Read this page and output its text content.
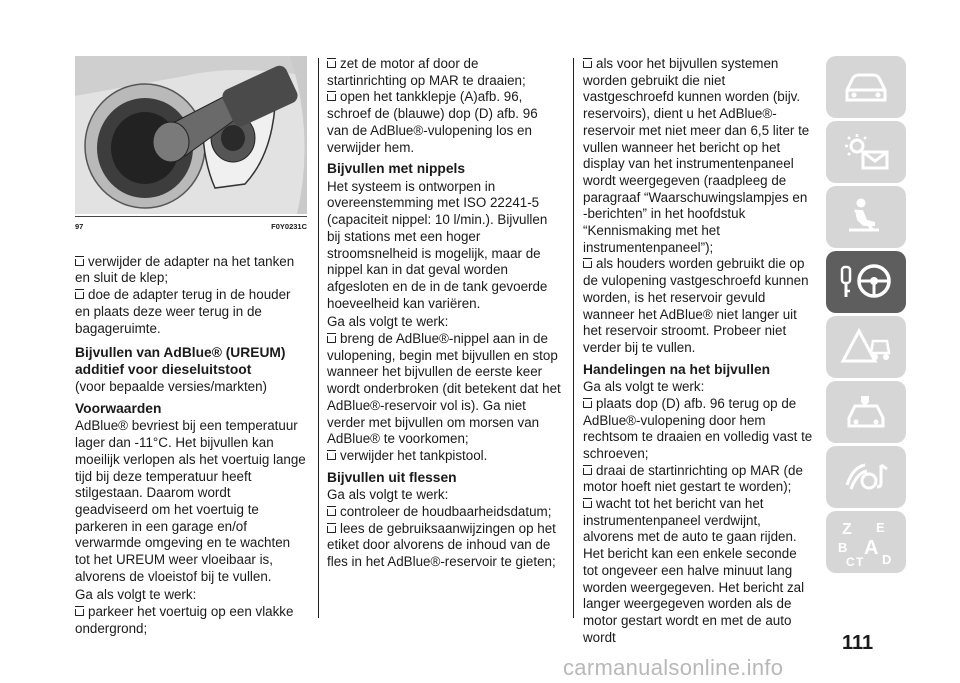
97	F0Y0231C

verwijder de adapter na het tanken en sluit de klep;

doe de adapter terug in de houder en plaats deze weer terug in de bagageruimte.

Bijvullen van AdBlue® (UREUM) additief voor dieseluitstoot

(voor bepaalde versies/markten)

Voorwaarden

AdBlue® bevriest bij een temperatuur lager dan -11°C. Het bijvullen kan moeilijk verlopen als het voertuig lange tijd bij deze temperatuur heeft stilgestaan. Daarom wordt geadviseerd om het voertuig te parkeren in een garage en/of verwarmde omgeving en te wachten tot het UREUM weer vloeibaar is, alvorens de vloeistof bij te vullen.

Ga als volgt te werk:

parkeer het voertuig op een vlakke ondergrond;

zet de motor af door de startinrichting op MAR te draaien;

open het tankklepje (A)afb. 96, schroef de (blauwe) dop (D) afb. 96 van de AdBlue®-vulopening los en verwijder hem.

Bijvullen met nippels

Het systeem is ontworpen in overeenstemming met ISO 22241-5 (capaciteit nippel: 10 l/min.). Bijvullen bij stations met een hoger stroomsnelheid is mogelijk, maar de nippel kan in dat geval worden afgesloten en de in de tank gevoerde hoeveelheid kan variëren.

Ga als volgt te werk:

breng de AdBlue®-nippel aan in de vulopening, begin met bijvullen en stop wanneer het bijvullen de eerste keer wordt onderbroken (dit betekent dat het AdBlue®-reservoir vol is). Ga niet verder met bijvullen om morsen van AdBlue® te voorkomen;

verwijder het tankpistool.

Bijvullen uit flessen

Ga als volgt te werk:

controleer de houdbaarheidsdatum;

lees de gebruiksaanwijzingen op het etiket door alvorens de inhoud van de fles in het AdBlue®-reservoir te gieten;

als voor het bijvullen systemen worden gebruikt die niet vastgeschroefd kunnen worden (bijv. reservoirs), dient u het AdBlue®-reservoir met niet meer dan 6,5 liter te vullen wanneer het bericht op het display van het instrumentenpaneel wordt weergegeven (raadpleeg de paragraaf “Waarschuwingslampjes en -berichten” in het hoofdstuk “Kennismaking met het instrumentenpaneel”);

als houders worden gebruikt die op de vulopening vastgeschroefd kunnen worden, is het reservoir gevuld wanneer het AdBlue® niet langer uit het reservoir stroomt. Probeer niet verder bij te vullen.

Handelingen na het bijvullen

Ga als volgt te werk:

plaats dop (D) afb. 96 terug op de AdBlue®-vulopening door hem rechtsom te draaien en volledig vast te schroeven;

draai de startinrichting op MAR (de motor hoeft niet gestart te worden);

wacht tot het bericht van het instrumentenpaneel verdwijnt, alvorens met de auto te gaan rijden. Het bericht kan een enkele seconde tot ongeveer een halve minuut lang worden weergegeven. Het bericht zal langer weergegeven worden als de motor gestart wordt en met de auto wordt

Z E
B A
C T D
111
carmanualsonline.info
